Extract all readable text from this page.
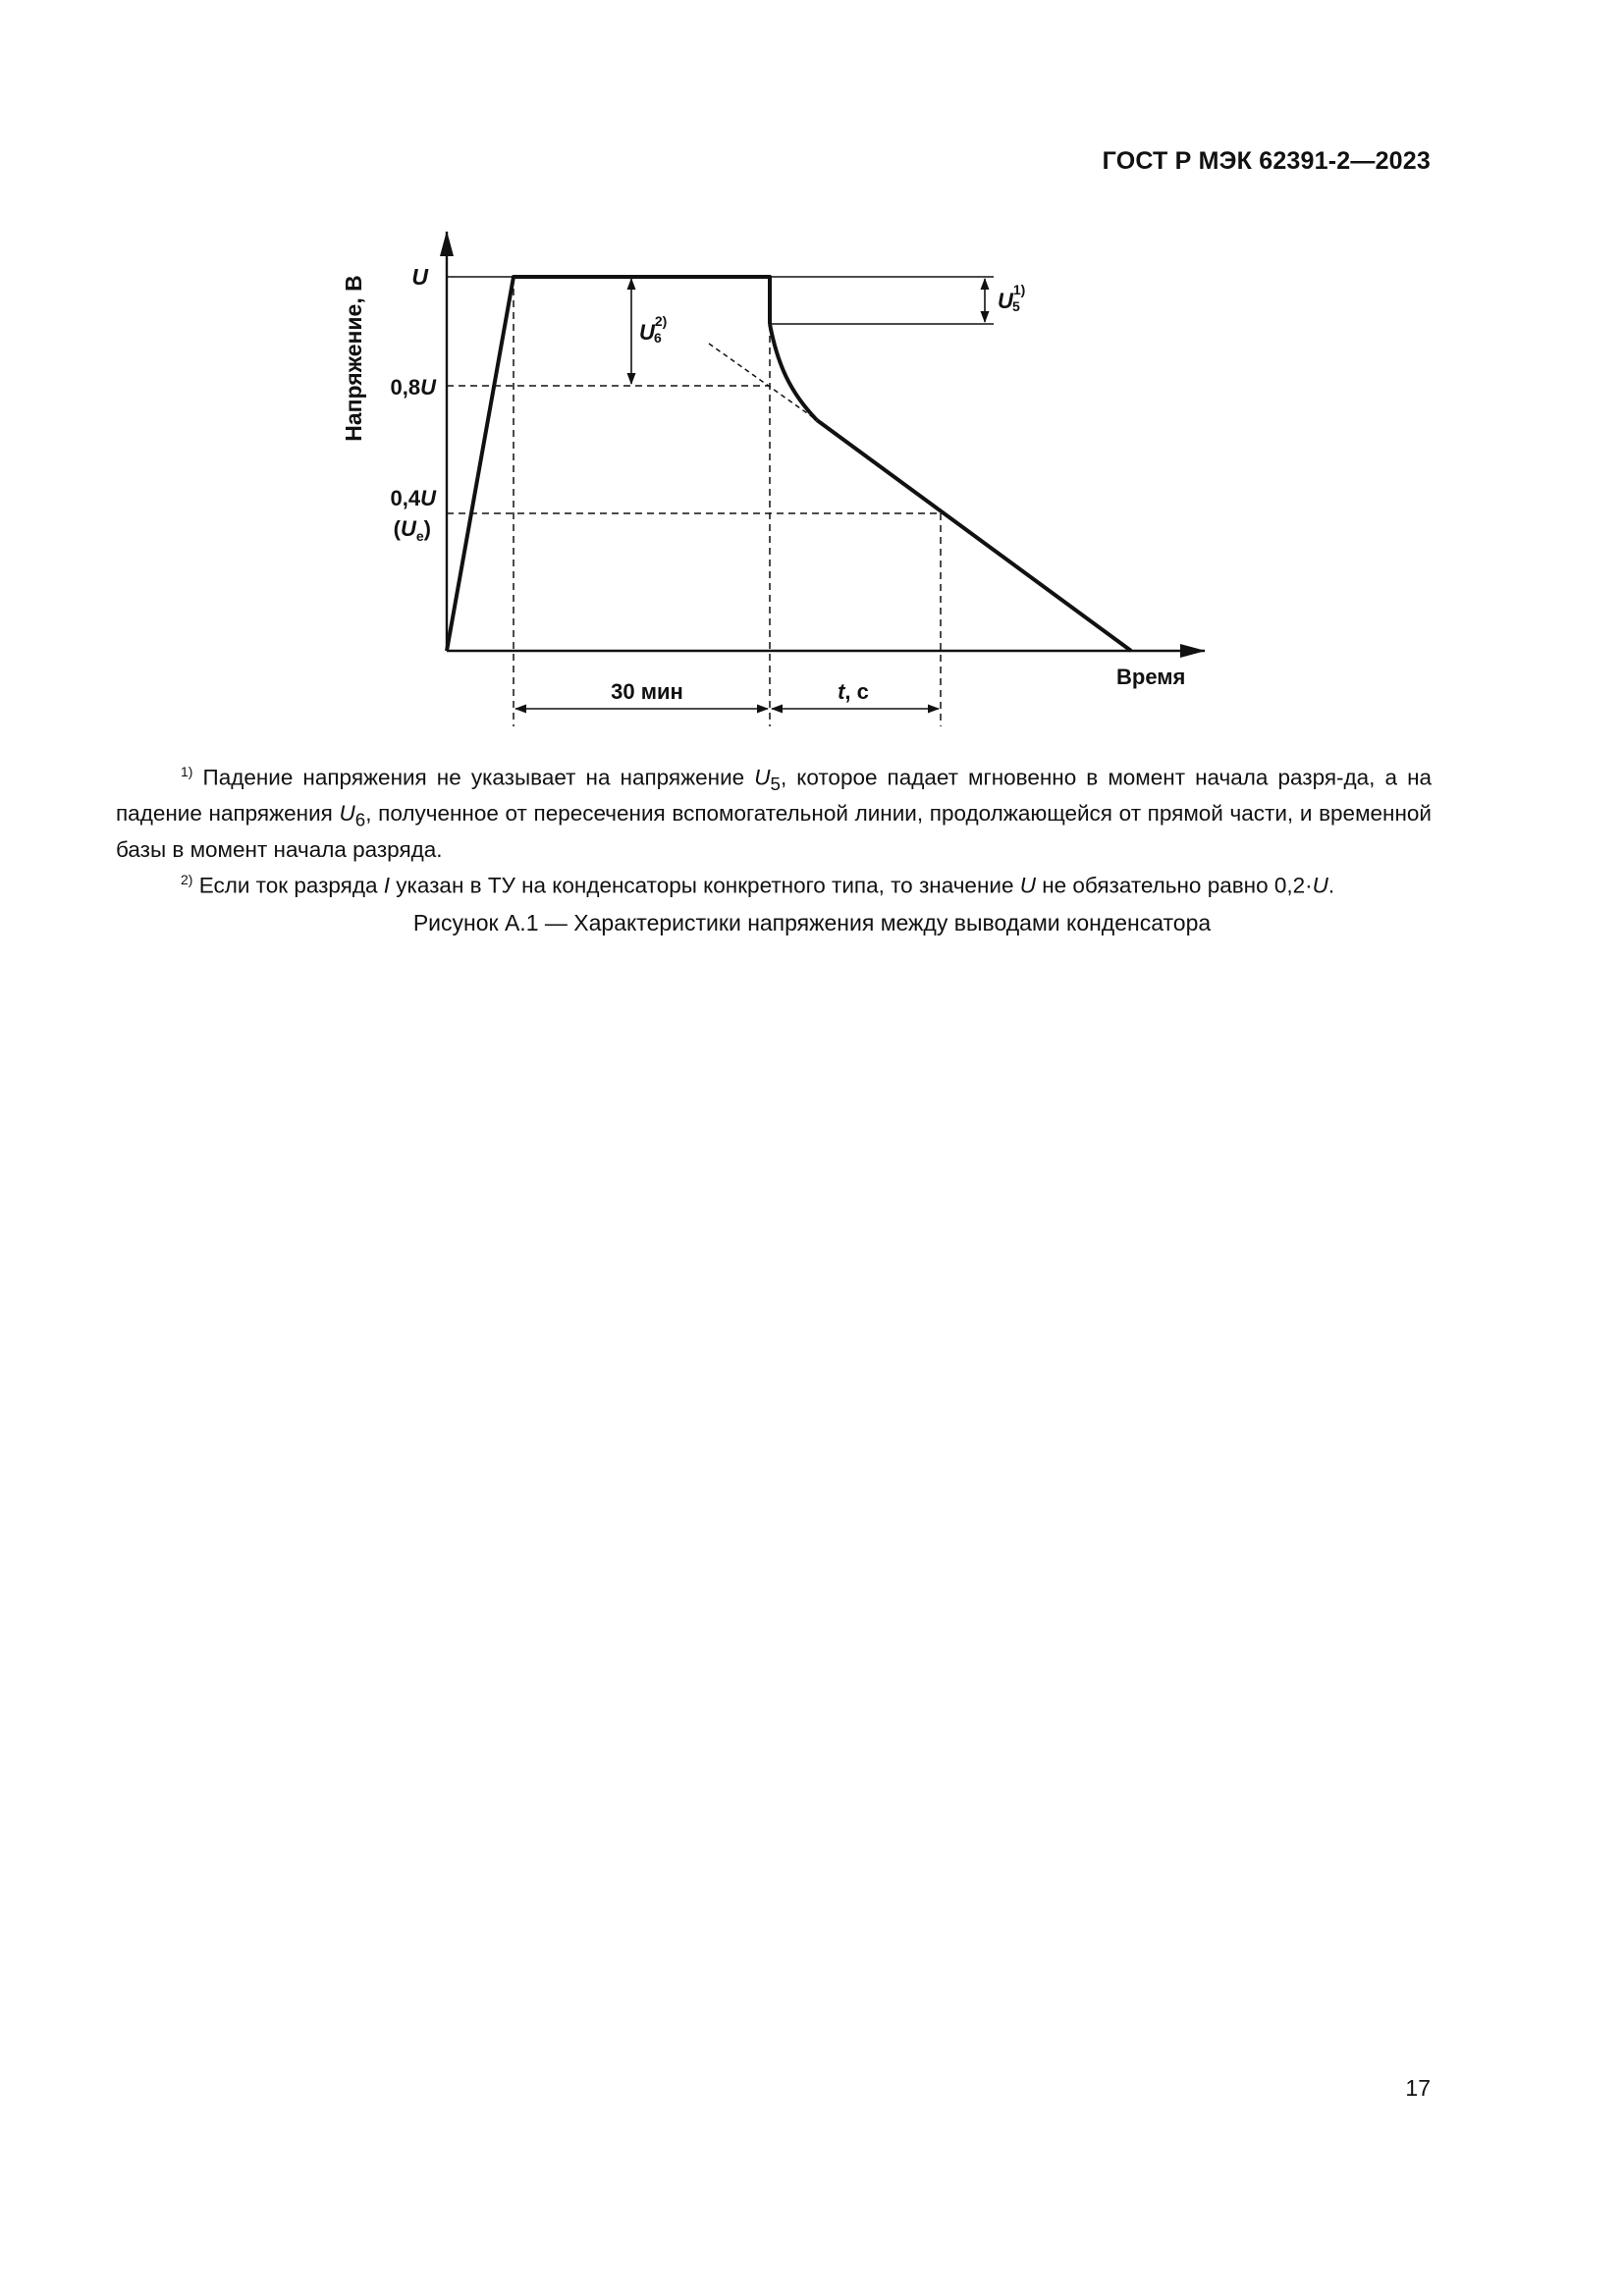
ГОСТ Р МЭК 62391-2—2023
Напряжение, В U
0,8U
0,4U
$(U_e)$
$U^{2)}$ 6
$U^{1)}$ 5
Время
30 мин	t, с

$^{1)}$ Падение напряжения не указывает на напряжение $U_5$, которое падает мгновенно в момент начала разря-да, а на падение напряжения $U_6$, полученное от пересечения вспомогательной линии, продолжающейся от прямой части, и временной базы в момент начала разряда.

$^{2)}$ Если ток разряда I указан в ТУ на конденсаторы конкретного типа, то значение U не обязательно равно 0,2·U.

Рисунок А.1 — Характеристики напряжения между выводами конденсатора
17
